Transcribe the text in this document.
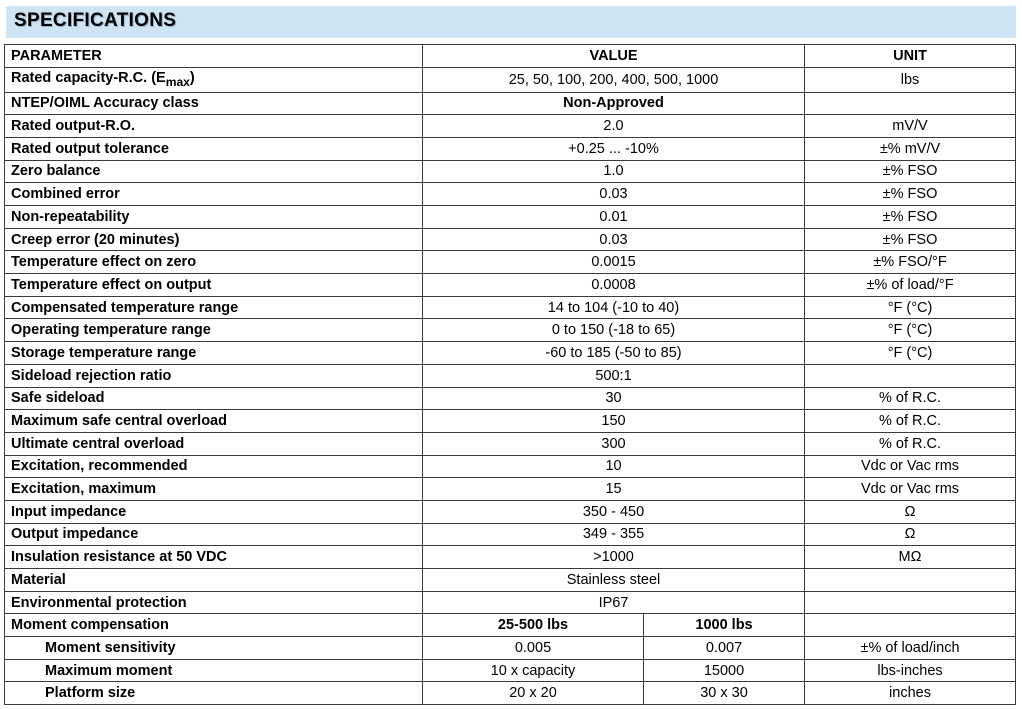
SPECIFICATIONS
PARAMETER	VALUE		UNIT
Rated capacity-R.C. $(E_{max})$	25, 50, 100, 200, 400, 500, 1000		lbs
NTEP/OIML Accuracy class	Non-Approved		
Rated output-R.O.	2.0		mV/V
Rated output tolerance	+0.25 ... -10%		±% mV/V
Zero balance	1.0		±% FSO
Combined error	0.03		±% FSO
Non-repeatability	0.01		±% FSO
Creep error (20 minutes)	0.03		±% FSO
Temperature effect on zero	0.0015		±% FSO/°F
Temperature effect on output	0.0008		±% of load/°F
Compensated temperature range	14 to 104 (-10 to 40)		°F (°C)
Operating temperature range	0 to 150 (-18 to 65)		°F (°C)
Storage temperature range	-60 to 185 (-50 to 85)		°F (°C)
Sideload rejection ratio	500:1		
Safe sideload	30		% of R.C.
Maximum safe central overload	150		% of R.C.
Ultimate central overload	300		% of R.C.
Excitation, recommended	10		Vdc or Vac rms
Excitation, maximum	15		Vdc or Vac rms
Input impedance	350 - 450		Ω
Output impedance	349 - 355		Ω
Insulation resistance at 50 VDC	>1000		MΩ
Material	Stainless steel		
Environmental protection	IP67		
Moment compensation	25-500 lbs	1000 lbs	
Moment sensitivity	0.005	0.007	±% of load/inch
Maximum moment	10 x capacity	15000	lbs-inches
Platform size	20 x 20	30 x 30	inches
